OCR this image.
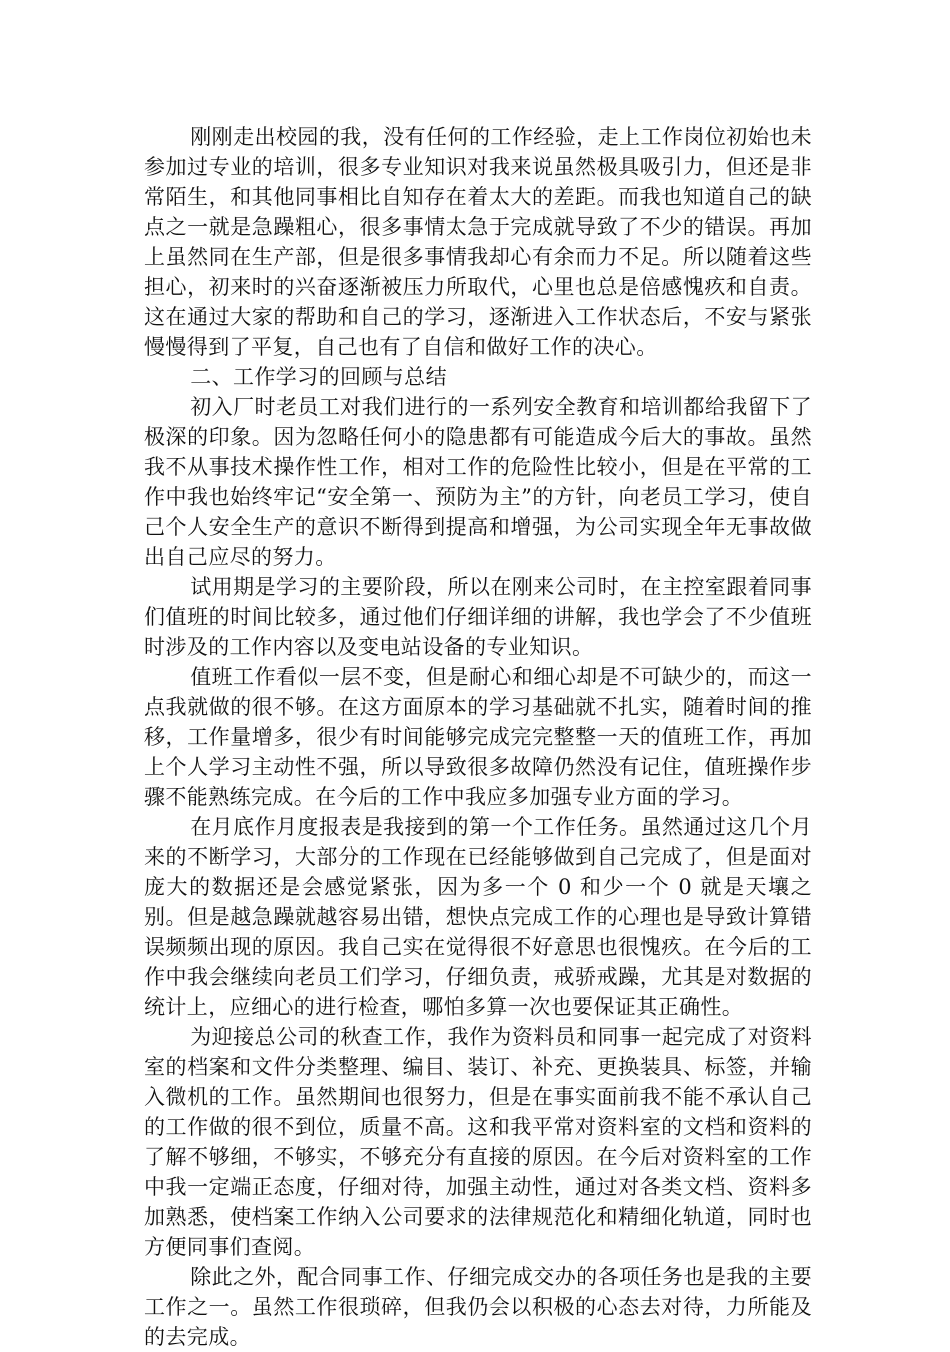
刚刚走出校园的我，没有任何的工作经验，走上工作岗位初始也未参加过专业的培训，很多专业知识对我来说虽然极具吸引力，但还是非常陌生，和其他同事相比自知存在着太大的差距。而我也知道自己的缺点之一就是急躁粗心，很多事情太急于完成就导致了不少的错误。再加上虽然同在生产部，但是很多事情我却心有余而力不足。所以随着这些担心，初来时的兴奋逐渐被压力所取代，心里也总是倍感愧疚和自责。这在通过大家的帮助和自己的学习，逐渐进入工作状态后，不安与紧张慢慢得到了平复，自己也有了自信和做好工作的决心。

二、工作学习的回顾与总结

初入厂时老员工对我们进行的一系列安全教育和培训都给我留下了极深的印象。因为忽略任何小的隐患都有可能造成今后大的事故。虽然我不从事技术操作性工作，相对工作的危险性比较小，但是在平常的工作中我也始终牢记“安全第一、预防为主”的方针，向老员工学习，使自己个人安全生产的意识不断得到提高和增强，为公司实现全年无事故做出自己应尽的努力。

试用期是学习的主要阶段，所以在刚来公司时，在主控室跟着同事们值班的时间比较多，通过他们仔细详细的讲解，我也学会了不少值班时涉及的工作内容以及变电站设备的专业知识。

值班工作看似一层不变，但是耐心和细心却是不可缺少的，而这一点我就做的很不够。在这方面原本的学习基础就不扎实，随着时间的推移，工作量增多，很少有时间能够完成完完整整一天的值班工作，再加上个人学习主动性不强，所以导致很多故障仍然没有记住，值班操作步骤不能熟练完成。在今后的工作中我应多加强专业方面的学习。

在月底作月度报表是我接到的第一个工作任务。虽然通过这几个月来的不断学习，大部分的工作现在已经能够做到自己完成了，但是面对庞大的数据还是会感觉紧张，因为多一个 0 和少一个 0 就是天壤之别。但是越急躁就越容易出错，想快点完成工作的心理也是导致计算错误频频出现的原因。我自己实在觉得很不好意思也很愧疚。在今后的工作中我会继续向老员工们学习，仔细负责，戒骄戒躁，尤其是对数据的统计上，应细心的进行检查，哪怕多算一次也要保证其正确性。

为迎接总公司的秋查工作，我作为资料员和同事一起完成了对资料室的档案和文件分类整理、编目、装订、补充、更换装具、标签，并输入微机的工作。虽然期间也很努力，但是在事实面前我不能不承认自己的工作做的很不到位，质量不高。这和我平常对资料室的文档和资料的了解不够细，不够实，不够充分有直接的原因。在今后对资料室的工作中我一定端正态度，仔细对待，加强主动性，通过对各类文档、资料多加熟悉，使档案工作纳入公司要求的法律规范化和精细化轨道，同时也方便同事们查阅。

除此之外，配合同事工作、仔细完成交办的各项任务也是我的主要工作之一。虽然工作很琐碎，但我仍会以积极的心态去对待，力所能及的去完成。
